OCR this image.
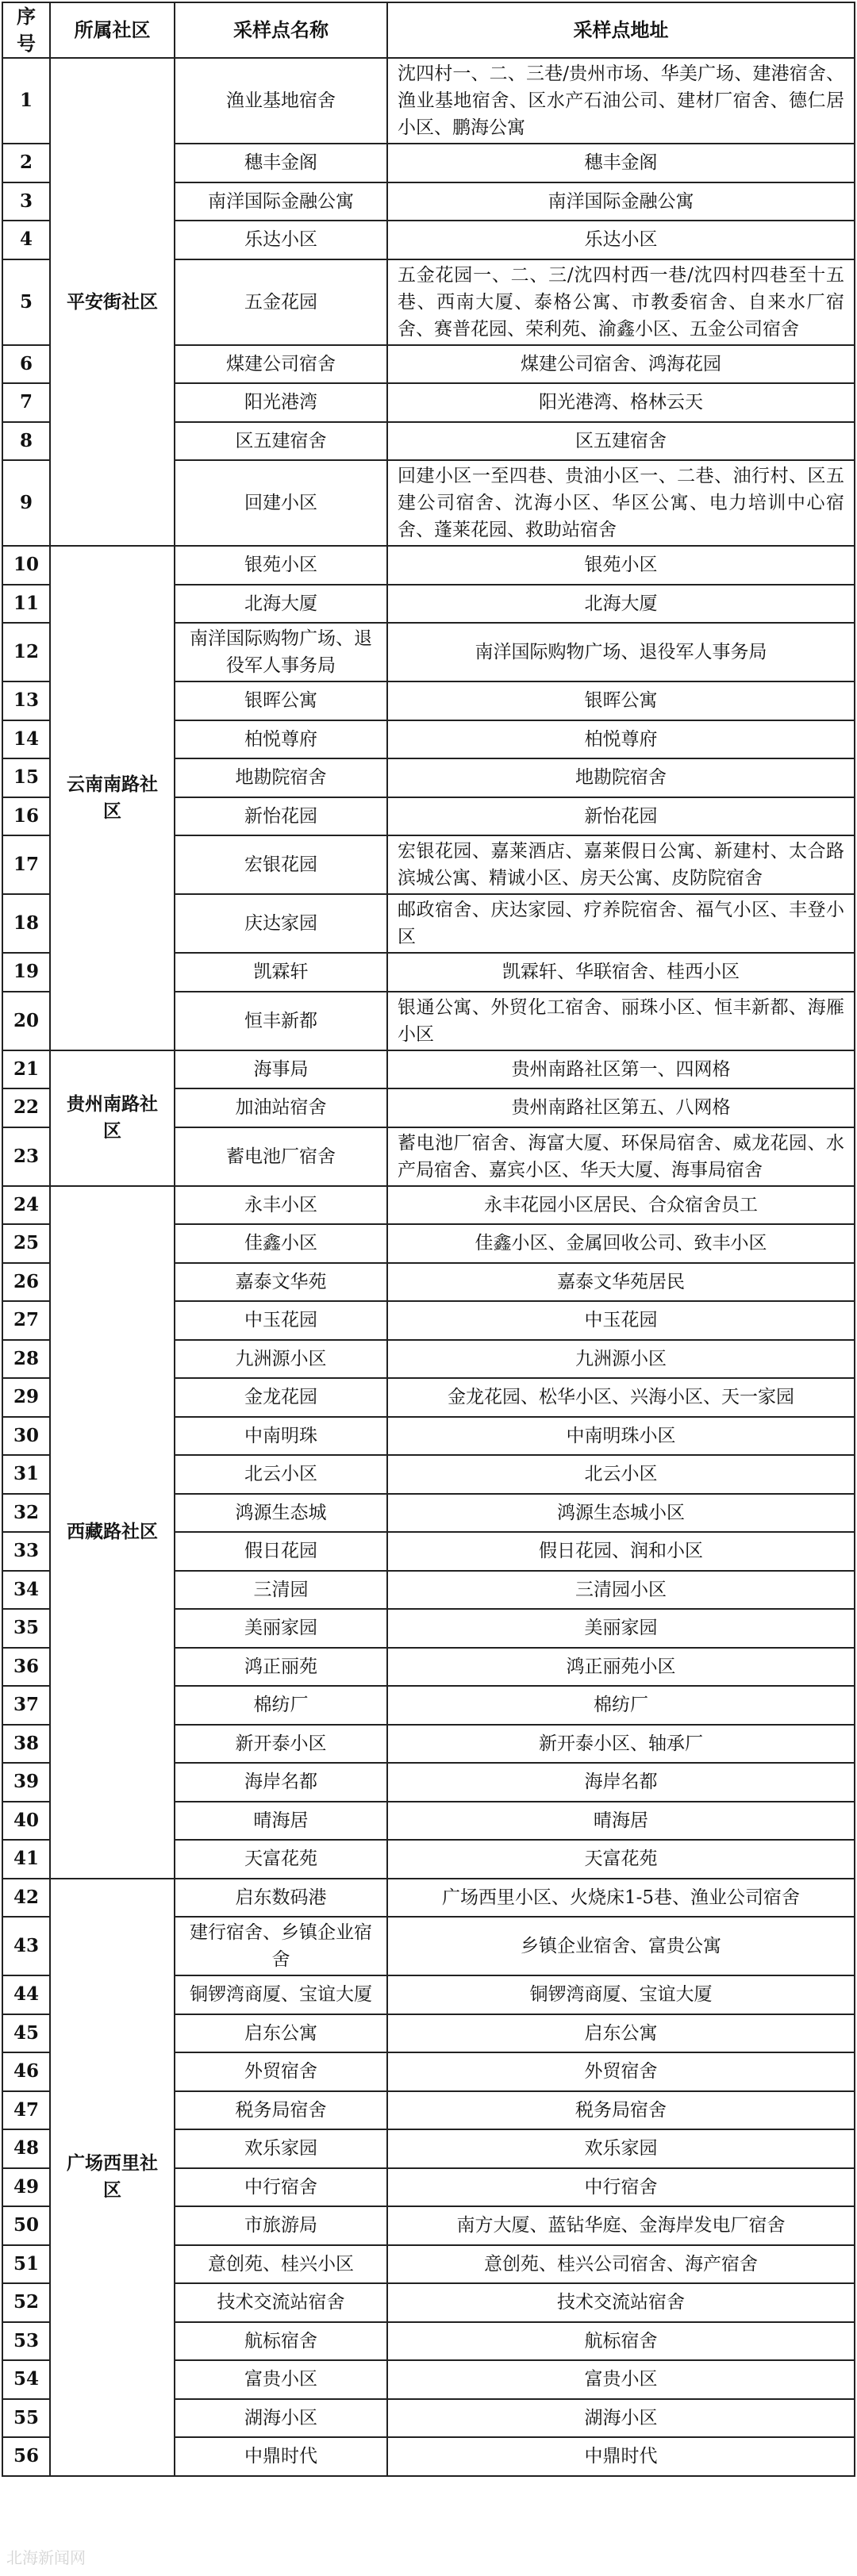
序号	所属社区	采样点名称	采样点地址
1	平安街社区	渔业基地宿舍	沈四村一、二、三巷/贵州市场、华美广场、建港宿舍、渔业基地宿舍、区水产石油公司、建材厂宿舍、德仁居小区、鹏海公寓
2		穗丰金阁	穗丰金阁
3		南洋国际金融公寓	南洋国际金融公寓
4		乐达小区	乐达小区
5		五金花园	五金花园一、二、三/沈四村西一巷/沈四村四巷至十五巷、西南大厦、泰格公寓、市教委宿舍、自来水厂宿舍、赛普花园、荣利苑、渝鑫小区、五金公司宿舍
6		煤建公司宿舍	煤建公司宿舍、鸿海花园
7		阳光港湾	阳光港湾、格林云天
8		区五建宿舍	区五建宿舍
9		回建小区	回建小区一至四巷、贵油小区一、二巷、油行村、区五建公司宿舍、沈海小区、华区公寓、电力培训中心宿舍、蓬莱花园、救助站宿舍
10	云南南路社区	银苑小区	银苑小区
11		北海大厦	北海大厦
12		南洋国际购物广场、退役军人事务局	南洋国际购物广场、退役军人事务局
13		银晖公寓	银晖公寓
14		柏悦尊府	柏悦尊府
15		地勘院宿舍	地勘院宿舍
16		新怡花园	新怡花园
17		宏银花园	宏银花园、嘉莱酒店、嘉莱假日公寓、新建村、太合路滨城公寓、精诚小区、房天公寓、皮防院宿舍
18		庆达家园	邮政宿舍、庆达家园、疗养院宿舍、福气小区、丰登小区
19		凯霖轩	凯霖轩、华联宿舍、桂西小区
20		恒丰新都	银通公寓、外贸化工宿舍、丽珠小区、恒丰新都、海雁小区
21	贵州南路社区	海事局	贵州南路社区第一、四网格
22		加油站宿舍	贵州南路社区第五、八网格
23		蓄电池厂宿舍	蓄电池厂宿舍、海富大厦、环保局宿舍、威龙花园、水产局宿舍、嘉宾小区、华天大厦、海事局宿舍
24	西藏路社区	永丰小区	永丰花园小区居民、合众宿舍员工
25		佳鑫小区	佳鑫小区、金属回收公司、致丰小区
26		嘉泰文华苑	嘉泰文华苑居民
27		中玉花园	中玉花园
28		九洲源小区	九洲源小区
29		金龙花园	金龙花园、松华小区、兴海小区、天一家园
30		中南明珠	中南明珠小区
31		北云小区	北云小区
32		鸿源生态城	鸿源生态城小区
33		假日花园	假日花园、润和小区
34		三清园	三清园小区
35		美丽家园	美丽家园
36		鸿正丽苑	鸿正丽苑小区
37		棉纺厂	棉纺厂
38		新开泰小区	新开泰小区、轴承厂
39		海岸名都	海岸名都
40		晴海居	晴海居
41		天富花苑	天富花苑
42	广场西里社区	启东数码港	广场西里小区、火烧床1-5巷、渔业公司宿舍
43		建行宿舍、乡镇企业宿舍	乡镇企业宿舍、富贵公寓
44		铜锣湾商厦、宝谊大厦	铜锣湾商厦、宝谊大厦
45		启东公寓	启东公寓
46		外贸宿舍	外贸宿舍
47		税务局宿舍	税务局宿舍
48		欢乐家园	欢乐家园
49		中行宿舍	中行宿舍
50		市旅游局	南方大厦、蓝钻华庭、金海岸发电厂宿舍
51		意创苑、桂兴小区	意创苑、桂兴公司宿舍、海产宿舍
52		技术交流站宿舍	技术交流站宿舍
53		航标宿舍	航标宿舍
54		富贵小区	富贵小区
55		湖海小区	湖海小区
56		中鼎时代	中鼎时代
北海新闻网
